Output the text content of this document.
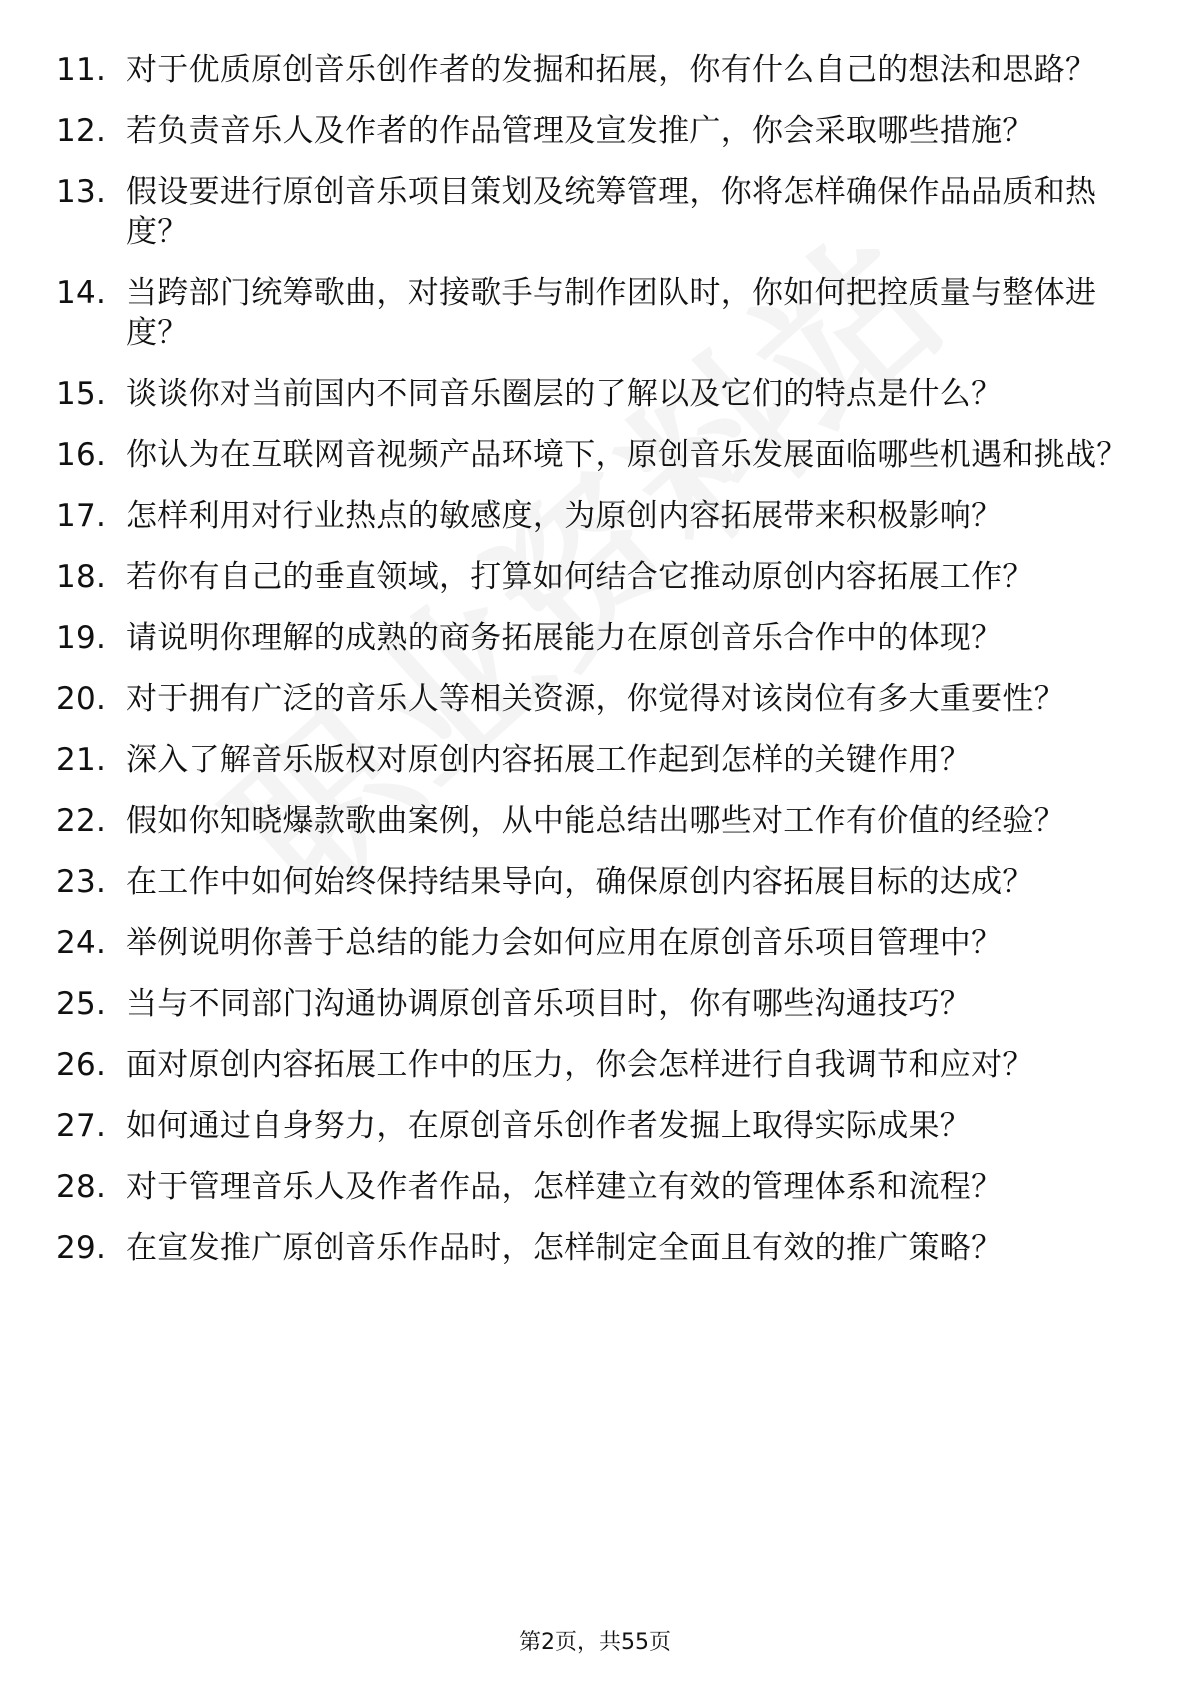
11. 对于优质原创音乐创作者的发掘和拓展，你有什么自己的想法和思路？
12. 若负责音乐人及作者的作品管理及宣发推广，你会采取哪些措施？
13. 假设要进行原创音乐项目策划及统筹管理，你将怎样确保作品品质和热度？
14. 当跨部门统筹歌曲，对接歌手与制作团队时，你如何把控质量与整体进度？
15. 谈谈你对当前国内不同音乐圈层的了解以及它们的特点是什么？
16. 你认为在互联网音视频产品环境下，原创音乐发展面临哪些机遇和挑战？
17. 怎样利用对行业热点的敏感度，为原创内容拓展带来积极影响？
18. 若你有自己的垂直领域，打算如何结合它推动原创内容拓展工作？
19. 请说明你理解的成熟的商务拓展能力在原创音乐合作中的体现？
20. 对于拥有广泛的音乐人等相关资源，你觉得对该岗位有多大重要性？
21. 深入了解音乐版权对原创内容拓展工作起到怎样的关键作用？
22. 假如你知晓爆款歌曲案例，从中能总结出哪些对工作有价值的经验？
23. 在工作中如何始终保持结果导向，确保原创内容拓展目标的达成？
24. 举例说明你善于总结的能力会如何应用在原创音乐项目管理中？
25. 当与不同部门沟通协调原创音乐项目时，你有哪些沟通技巧？
26. 面对原创内容拓展工作中的压力，你会怎样进行自我调节和应对？
27. 如何通过自身努力，在原创音乐创作者发掘上取得实际成果？
28. 对于管理音乐人及作者作品，怎样建立有效的管理体系和流程？
29. 在宣发推广原创音乐作品时，怎样制定全面且有效的推广策略？
第2页，共55页
